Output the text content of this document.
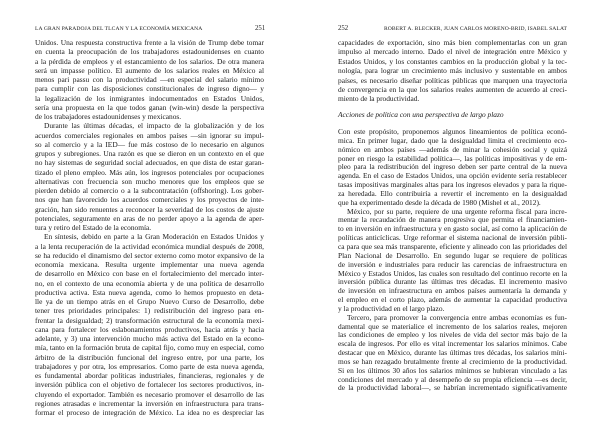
LA GRAN PARADOJA DEL TLCAN Y LA ECONOMÍA MEXICANA	251
Unidos. Una respuesta constructiva frente a la visión de Trump debe tomar
en cuenta la preocupación de los trabajadores estadounidenses en cuanto
a la pérdida de empleos y el estancamiento de los salarios. De otra manera
será un impasse político. El aumento de los salarios reales en México al
menos pari passu con la productividad —en especial del salario mínimo
para cumplir con las disposiciones constitucionales de ingreso digno— y
la legalización de los inmigrantes indocumentados en Estados Unidos,
sería una propuesta en la que todos ganan (win-win) desde la perspectiva
de los trabajadores estadounidenses y mexicanos.
Durante las últimas décadas, el impacto de la globalización y de los
acuerdos comerciales regionales en ambos países —sin ignorar su impul-
so al comercio y a la IED— fue más costoso de lo necesario en algunos
grupos y subregiones. Una razón es que se dieron en un contexto en el que
no hay sistemas de seguridad social adecuados, en que dista de estar garan-
tizado el pleno empleo. Más aún, los ingresos potenciales por ocupaciones
alternativas con frecuencia son mucho menores que los empleos que se
pierden debido al comercio o a la subcontratación (offshoring). Los gober-
nos que han favorecido los acuerdos comerciales y los proyectos de inte-
gración, han sido renuentes a reconocer la severidad de los costos de ajuste
potenciales, seguramente en aras de no perder apoyo a la agenda de aper-
tura y retiro del Estado de la economía.
En síntesis, debido en parte a la Gran Moderación en Estados Unidos y
a la lenta recuperación de la actividad económica mundial después de 2008,
se ha reducido el dinamismo del sector externo como motor expansivo de la
economía mexicana. Resulta urgente implementar una nueva agenda
de desarrollo en México con base en el fortalecimiento del mercado inter-
no, en el contexto de una economía abierta y de una política de desarrollo
productiva activa. Esta nueva agenda, como lo hemos propuesto en deta-
lle ya de un tiempo atrás en el Grupo Nuevo Curso de Desarrollo, debe
tener tres prioridades principales: 1) redistribución del ingreso para en-
frentar la desigualdad; 2) transformación estructural de la economía mexi-
cana para fortalecer los eslabonamientos productivos, hacia atrás y hacia
adelante, y 3) una intervención mucho más activa del Estado en la econo-
mía, tanto en la formación bruta de capital fijo, como muy en especial, como
árbitro de la distribución funcional del ingreso entre, por una parte, los
trabajadores y por otra, los empresarios. Como parte de esta nueva agenda,
es fundamental abordar políticas industriales, financieras, regionales y de
inversión pública con el objetivo de fortalecer los sectores productivos, in-
cluyendo el exportador. También es necesario promover el desarrollo de las
regiones atrasadas e incrementar la inversión en infraestructura para trans-
formar el proceso de integración de México. La idea no es despreciar las
252	ROBERT A. BLECKER, JUAN CARLOS MORENO-BRID, ISABEL SALAT
capacidades de exportación, sino más bien complementarlas con un gran
impulso al mercado interno. Dado el nivel de integración entre México y
Estados Unidos, y los constantes cambios en la producción global y la tec-
nología, para lograr un crecimiento más inclusivo y sustentable en ambos
países, es necesario diseñar políticas públicas que marquen una trayectoria
de convergencia en la que los salarios reales aumenten de acuerdo al creci-
miento de la productividad.
Acciones de política con una perspectiva de largo plazo
Con este propósito, proponemos algunos lineamientos de política econó-
mica. En primer lugar, dado que la desigualdad limita el crecimiento eco-
nómico en ambos países —además de minar la cohesión social y quizá
poner en riesgo la estabilidad política—, las políticas impositivas y de em-
pleo para la redistribución del ingreso deben ser parte central de la nueva
agenda. En el caso de Estados Unidos, una opción evidente sería restablecer
tasas impositivas marginales altas para los ingresos elevados y para la rique-
za heredada. Ello contribuiría a revertir el incremento en la desigualdad
que ha experimentado desde la década de 1980 (Mishel et al., 2012).
México, por su parte, requiere de una urgente reforma fiscal para incre-
mentar la recaudación de manera progresiva que permita el financiamien-
to en inversión en infraestructura y en gasto social, así como la aplicación de
políticas anticíclicas. Urge reformar el sistema nacional de inversión públi-
ca para que sea más transparente, eficiente y alineado con las prioridades del
Plan Nacional de Desarrollo. En segundo lugar se requiere de políticas
de inversión e industriales para reducir las carencias de infraestructura en
México y Estados Unidos, las cuales son resultado del continuo recorte en la
inversión pública durante las últimas tres décadas. El incremento masivo
de inversión en infraestructura en ambos países aumentaría la demanda y
el empleo en el corto plazo, además de aumentar la capacidad productiva
y la productividad en el largo plazo.
Tercero, para promover la convergencia entre ambas economías es fun-
damental que se materialice el incremento de los salarios reales, mejoren
las condiciones de empleo y los niveles de vida del sector más bajo de la
escala de ingresos. Por ello es vital incrementar los salarios mínimos. Cabe
destacar que en México, durante las últimas tres décadas, los salarios míni-
mos se han rezagado brutalmente frente al crecimiento de la productividad.
Si en los últimos 30 años los salarios mínimos se hubieran vinculado a las
condiciones del mercado y al desempeño de su propia eficiencia —es decir,
de la productividad laboral—, se habrían incrementado significativamente
